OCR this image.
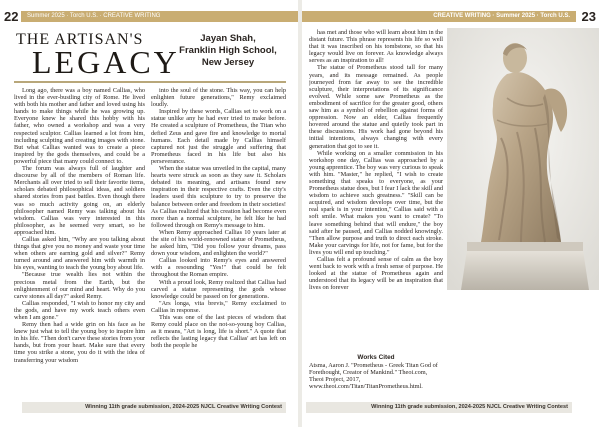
22	Summer 2025 · Torch U.S. · CREATIVE WRITING
THE ARTISAN'S
LEGACY
Jayan Shah,
Franklin High School,
New Jersey

Long ago, there was a boy named Callias, who lived in the ever-bustling city of Rome. He lived with both his mother and father and loved using his hands to make things while he was growing up. Everyone knew he shared this hobby with his father, who owned a workshop and was a very respected sculptor. Callias learned a lot from him, including sculpting and creating images with stone. But what Callias wanted was to create a piece inspired by the gods themselves, and could be a powerful piece that many could connect to.

The forum was always full of laughter and discourse by all of the members of Roman life. Merchants all over tried to sell their favorite items, scholars debated philosophical ideas, and soldiers shared stories from past battles. Even though there was so much activity going on, an elderly philosopher named Remy was talking about his wisdom. Callias was very interested in this philosopher, as he seemed very smart, so he approached him.

Callias asked him, "Why are you talking about things that give you no money and waste your time when others are earning gold and silver?" Remy turned around and answered him with warmth in his eyes, wanting to teach the young boy about life.

"Because true wealth lies not within the precious metal from the Earth, but the enlightenment of our mind and heart. Why do you carve stones all day?" asked Remy.

Callias responded, "I wish to honor my city and the gods, and have my work teach others even when I am gone."

Remy then had a wide grin on his face as he knew just what to tell the young boy to inspire him in his life. "Then don't carve these stories from your hands, but from your heart. Make sure that every time you strike a stone, you do it with the idea of transferring your wisdom

into the soul of the stone. This way, you can help enlighten future generations," Remy exclaimed loudly.

Inspired by these words, Callias set to work on a statue unlike any he had ever tried to make before. He created a sculpture of Prometheus, the Titan who defied Zeus and gave fire and knowledge to mortal humans. Each detail made by Callias himself captured not just the struggle and suffering that Prometheus faced in his life but also his perseverance.

When the statue was unveiled in the capital, many hearts were struck as soon as they saw it. Scholars debated its meaning, and artisans found new inspiration in their respective crafts. Even the city's leaders used this sculpture to try to preserve the balance between order and freedom in their societies! As Callias realized that his creation had become even more than a normal sculpture, he felt like he had followed through on Remy's message to him.

When Remy approached Callias 10 years later at the site of his world-renowned statue of Prometheus, he asked him, "Did you follow your dreams, pass down your wisdom, and enlighten the world?"

Callias looked into Remy's eyes and answered with a resounding "Yes!" that could be felt throughout the Roman empire.

With a proud look, Remy realized that Callias had carved a statue representing the gods whose knowledge could be passed on for generations.

"Ars longa, vita brevis," Remy exclaimed to Callias in response.

This was one of the last pieces of wisdom that Remy could place on the not-so-young boy Callias, as it means, "Art is long, life is short." A quote that reflects the lasting legacy that Callias' art has left on both the people he

Winning 11th grade submission, 2024-2025 NJCL Creative Writing Contest
CREATIVE WRITING · Summer 2025 · Torch U.S. 23

has met and those who will learn about him in the distant future. This phrase represents his life so well that it was inscribed on his tombstone, so that his legacy would live on forever. As knowledge always serves as an inspiration to all!

The statue of Prometheus stood tall for many years, and its message remained. As people journeyed from far away to see the incredible sculpture, their interpretations of its significance evolved. While some saw Prometheus as the embodiment of sacrifice for the greater good, others saw him as a symbol of rebellion against forms of oppression. Now an elder, Callias frequently hovered around the statue and quietly took part in these discussions. His work had gone beyond his initial intentions, always changing with every generation that got to see it.

While working on a smaller commission in his workshop one day, Callias was approached by a young apprentice. The boy was very curious to speak with him. "Master," he replied, "I wish to create something that speaks to everyone, as your Prometheus statue does, but I fear I lack the skill and wisdom to achieve such greatness." "Skill can be acquired, and wisdom develops over time, but the real spark is in your intention," Callias said with a soft smile. What makes you want to create? "To leave something behind that will endure," the boy said after he paused, and Callias nodded knowingly. "Then allow purpose and truth to direct each stroke. Make your carvings for life, not for fame, but for the lives you will end up touching."

Callias felt a profound sense of calm as the boy went back to work with a fresh sense of purpose. He looked at the statue of Prometheus again and understood that its legacy will be an inspiration that lives on forever

Works Cited

Atsma, Aaron J. "Prometheus - Greek Titan God of Forethought, Creator of Mankind." Theoi.com, Theoi Project, 2017, www.theoi.com/Titan/TitanPrometheus.html.

Winning 11th grade submission, 2024-2025 NJCL Creative Writing Contest
